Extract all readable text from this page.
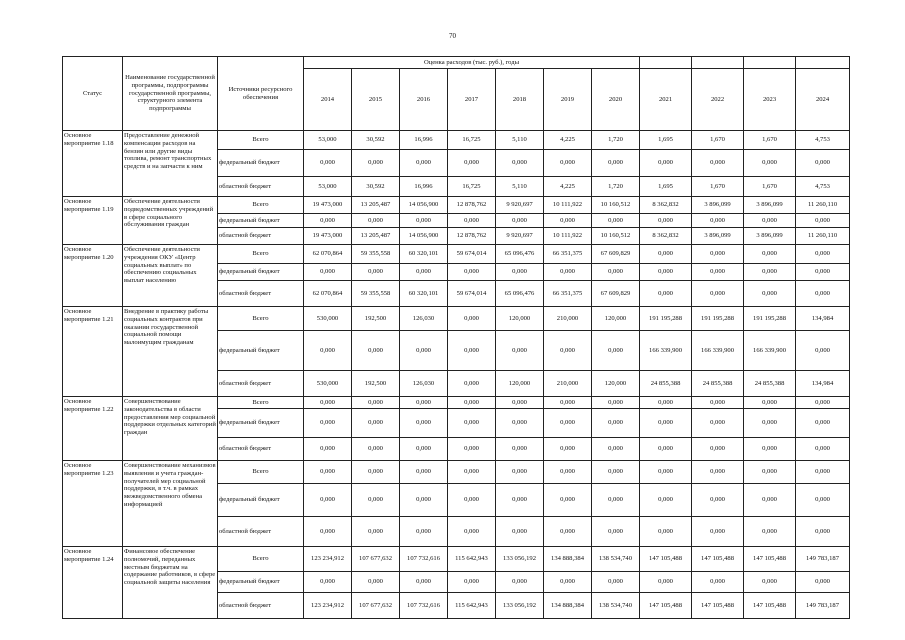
70
Статус	Наименование государственной программы, подпрограммы государственной программы, структурного элемента подпрограммы	Источники ресурсного обеспечения	Оценка расходов (тыс. руб.), годы										
			2014	2015	2016	2017	2018	2019	2020	2021	2022	2023	2024
Основное мероприятие 1.18	Предоставление денежной компенсации расходов на бензин или другие виды топлива, ремонт транспортных средств и на запчасти к ним	Всего	53,000	30,592	16,996	16,725	5,110	4,225	1,720	1,695	1,670	1,670	4,753
		федеральный бюджет	0,000	0,000	0,000	0,000	0,000	0,000	0,000	0,000	0,000	0,000	0,000
		областной бюджет	53,000	30,592	16,996	16,725	5,110	4,225	1,720	1,695	1,670	1,670	4,753
Основное мероприятие 1.19	Обеспечение деятельности подведомственных учреждений в сфере социального обслуживания граждан	Всего	19 473,000	13 205,487	14 056,900	12 878,762	9 920,697	10 111,922	10 160,512	8 362,832	3 896,099	3 896,099	11 260,110
		федеральный бюджет	0,000	0,000	0,000	0,000	0,000	0,000	0,000	0,000	0,000	0,000	0,000
		областной бюджет	19 473,000	13 205,487	14 056,900	12 878,762	9 920,697	10 111,922	10 160,512	8 362,832	3 896,099	3 896,099	11 260,110
Основное мероприятие 1.20	Обеспечение деятельности учреждения ОКУ «Центр социальных выплат» по обеспечению социальных выплат населению	Всего	62 070,864	59 355,558	60 320,101	59 674,014	65 096,476	66 351,375	67 609,829	0,000	0,000	0,000	0,000
		федеральный бюджет	0,000	0,000	0,000	0,000	0,000	0,000	0,000	0,000	0,000	0,000	0,000
		областной бюджет	62 070,864	59 355,558	60 320,101	59 674,014	65 096,476	66 351,375	67 609,829	0,000	0,000	0,000	0,000
Основное мероприятие 1.21	Внедрение в практику работы социальных контрактов при оказании государственной социальной помощи малоимущим гражданам	Всего	530,000	192,500	126,030	0,000	120,000	210,000	120,000	191 195,288	191 195,288	191 195,288	134,984
		федеральный бюджет	0,000	0,000	0,000	0,000	0,000	0,000	0,000	166 339,900	166 339,900	166 339,900	0,000
		областной бюджет	530,000	192,500	126,030	0,000	120,000	210,000	120,000	24 855,388	24 855,388	24 855,388	134,984
Основное мероприятие 1.22	Совершенствование законодательства в области предоставления мер социальной поддержки отдельных категорий граждан	Всего	0,000	0,000	0,000	0,000	0,000	0,000	0,000	0,000	0,000	0,000	0,000
		федеральный бюджет	0,000	0,000	0,000	0,000	0,000	0,000	0,000	0,000	0,000	0,000	0,000
		областной бюджет	0,000	0,000	0,000	0,000	0,000	0,000	0,000	0,000	0,000	0,000	0,000
Основное мероприятие 1.23	Совершенствование механизмов выявления и учета граждан-получателей мер социальной поддержки, в т.ч. в рамках межведомственного обмена информацией	Всего	0,000	0,000	0,000	0,000	0,000	0,000	0,000	0,000	0,000	0,000	0,000
		федеральный бюджет	0,000	0,000	0,000	0,000	0,000	0,000	0,000	0,000	0,000	0,000	0,000
		областной бюджет	0,000	0,000	0,000	0,000	0,000	0,000	0,000	0,000	0,000	0,000	0,000
Основное мероприятие 1.24	Финансовое обеспечение полномочий, переданных местным бюджетам на содержание работников, в сфере социальной защиты населения	Всего	123 234,912	107 677,632	107 732,616	115 642,943	133 056,192	134 888,384	138 534,740	147 105,488	147 105,488	147 105,488	149 783,187
		федеральный бюджет	0,000	0,000	0,000	0,000	0,000	0,000	0,000	0,000	0,000	0,000	0,000
		областной бюджет	123 234,912	107 677,632	107 732,616	115 642,943	133 056,192	134 888,384	138 534,740	147 105,488	147 105,488	147 105,488	149 783,187
